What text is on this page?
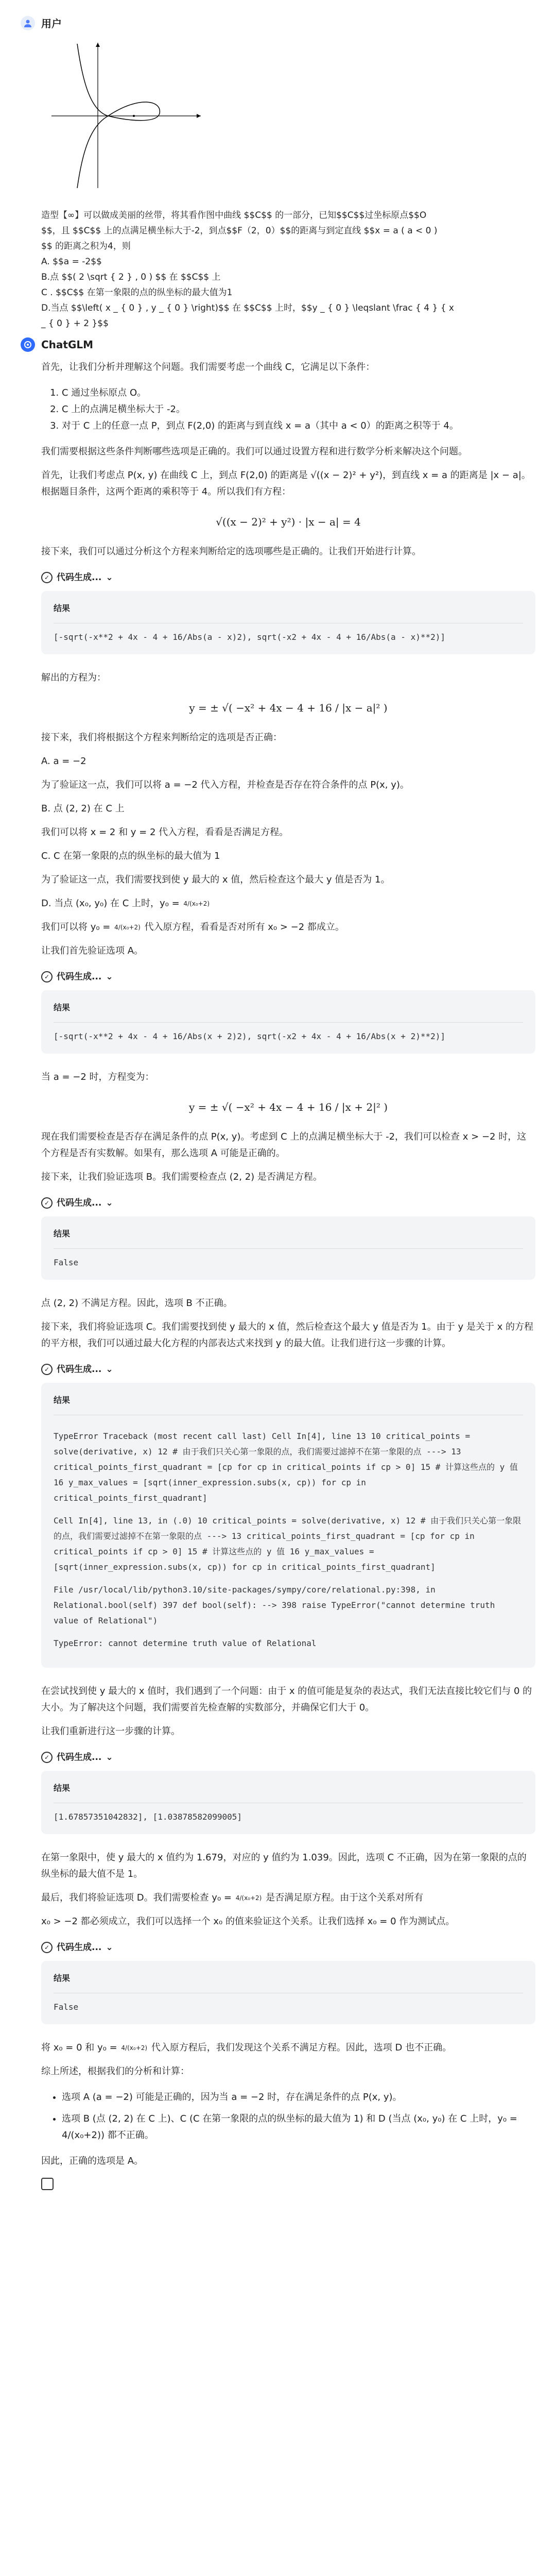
用户
造型【∞】可以做成美丽的丝带，将其看作图中曲线 $$C$$ 的一部分，已知$$C$$过坐标原点$$O
$$，且 $$C$$ 上的点满足横坐标大于-2，到点$$F（2，0）$$的距离与到定直线 $$x = a ( a < 0 )
$$ 的距离之积为4，则
A. $$a = -2$$
B.点 $$( 2 \sqrt { 2 } , 0 ) $$ 在 $$C$$ 上
C . $$C$$ 在第一象限的点的纵坐标的最大值为1
D.当点 $$\left( x _ { 0 } , y _ { 0 } \right)$$ 在 $$C$$ 上时，$$y _ { 0 } \leqslant \frac { 4 } { x
_ { 0 } + 2 }$$
ChatGLM

首先，让我们分析并理解这个问题。我们需要考虑一个曲线 C，它满足以下条件：

1. C 通过坐标原点 O。
2. C 上的点满足横坐标大于 -2。
3. 对于 C 上的任意一点 P，到点 F(2,0) 的距离与到直线 x = a（其中 a < 0）的距离之积等于 4。

我们需要根据这些条件判断哪些选项是正确的。我们可以通过设置方程和进行数学分析来解决这个问题。

首先，让我们考虑点 P(x, y) 在曲线 C 上，到点 F(2,0) 的距离是 √((x − 2)² + y²)，到直线 x = a 的距离是 |x − a|。根据题目条件，这两个距离的乘积等于 4。所以我们有方程：

√((x − 2)² + y²) · |x − a| = 4

接下来，我们可以通过分析这个方程来判断给定的选项哪些是正确的。让我们开始进行计算。

✓ 代码生成... ⌄
结果
[-sqrt(-x**2 + 4x - 4 + 16/Abs(a - x)2), sqrt(-x2 + 4x - 4 + 16/Abs(a - x)**2)]

解出的方程为：

y = ± √( −x² + 4x − 4 + 16 / |x − a|² )

接下来，我们将根据这个方程来判断给定的选项是否正确：

A. a = −2

为了验证这一点，我们可以将 a = −2 代入方程，并检查是否存在符合条件的点 P(x, y)。

B. 点 (2, 2) 在 C 上

我们可以将 x = 2 和 y = 2 代入方程，看看是否满足方程。

C. C 在第一象限的点的纵坐标的最大值为 1

为了验证这一点，我们需要找到使 y 最大的 x 值，然后检查这个最大 y 值是否为 1。

D. 当点 (x₀, y₀) 在 C 上时，y₀ = 4/(x₀+2)

我们可以将 y₀ = 4/(x₀+2) 代入原方程，看看是否对所有 x₀ > −2 都成立。

让我们首先验证选项 A。

✓ 代码生成... ⌄
结果
[-sqrt(-x**2 + 4x - 4 + 16/Abs(x + 2)2), sqrt(-x2 + 4x - 4 + 16/Abs(x + 2)**2)]

当 a = −2 时，方程变为：

y = ± √( −x² + 4x − 4 + 16 / |x + 2|² )

现在我们需要检查是否存在满足条件的点 P(x, y)。考虑到 C 上的点满足横坐标大于 -2，我们可以检查 x > −2 时，这个方程是否有实数解。如果有，那么选项 A 可能是正确的。

接下来，让我们验证选项 B。我们需要检查点 (2, 2) 是否满足方程。

✓ 代码生成... ⌄
结果
False

点 (2, 2) 不满足方程。因此，选项 B 不正确。

接下来，我们将验证选项 C。我们需要找到使 y 最大的 x 值，然后检查这个最大 y 值是否为 1。由于 y 是关于 x 的方程的平方根，我们可以通过最大化方程的内部表达式来找到 y 的最大值。让我们进行这一步骤的计算。

✓ 代码生成... ⌄
结果

TypeError Traceback (most recent call last) Cell In[4], line 13 10 critical_points = solve(derivative, x) 12 # 由于我们只关心第一象限的点，我们需要过滤掉不在第一象限的点 ---> 13 critical_points_first_quadrant = [cp for cp in critical_points if cp > 0] 15 # 计算这些点的 y 值 16 y_max_values = [sqrt(inner_expression.subs(x, cp)) for cp in critical_points_first_quadrant]

Cell In[4], line 13, in (.0) 10 critical_points = solve(derivative, x) 12 # 由于我们只关心第一象限的点，我们需要过滤掉不在第一象限的点 ---> 13 critical_points_first_quadrant = [cp for cp in critical_points if cp > 0] 15 # 计算这些点的 y 值 16 y_max_values = [sqrt(inner_expression.subs(x, cp)) for cp in critical_points_first_quadrant]

File /usr/local/lib/python3.10/site-packages/sympy/core/relational.py:398, in Relational.bool(self) 397 def bool(self): --> 398 raise TypeError("cannot determine truth value of Relational")

TypeError: cannot determine truth value of Relational

在尝试找到使 y 最大的 x 值时，我们遇到了一个问题：由于 x 的值可能是复杂的表达式，我们无法直接比较它们与 0 的大小。为了解决这个问题，我们需要首先检查解的实数部分，并确保它们大于 0。

让我们重新进行这一步骤的计算。

✓ 代码生成... ⌄
结果
[1.67857351042832], [1.03878582099005]

在第一象限中，使 y 最大的 x 值约为 1.679，对应的 y 值约为 1.039。因此，选项 C 不正确，因为在第一象限的点的纵坐标的最大值不是 1。

最后，我们将验证选项 D。我们需要检查 y₀ = 4/(x₀+2) 是否满足原方程。由于这个关系对所有

x₀ > −2 都必须成立，我们可以选择一个 x₀ 的值来验证这个关系。让我们选择 x₀ = 0 作为测试点。

✓ 代码生成... ⌄
结果
False

将 x₀ = 0 和 y₀ = 4/(x₀+2) 代入原方程后，我们发现这个关系不满足方程。因此，选项 D 也不正确。

综上所述，根据我们的分析和计算：

• 选项 A (a = −2) 可能是正确的，因为当 a = −2 时，存在满足条件的点 P(x, y)。
• 选项 B (点 (2, 2) 在 C 上)、C (C 在第一象限的点的纵坐标的最大值为 1) 和 D (当点 (x₀, y₀) 在 C 上时，y₀ = 4/(x₀+2)) 都不正确。

因此，正确的选项是 A。
